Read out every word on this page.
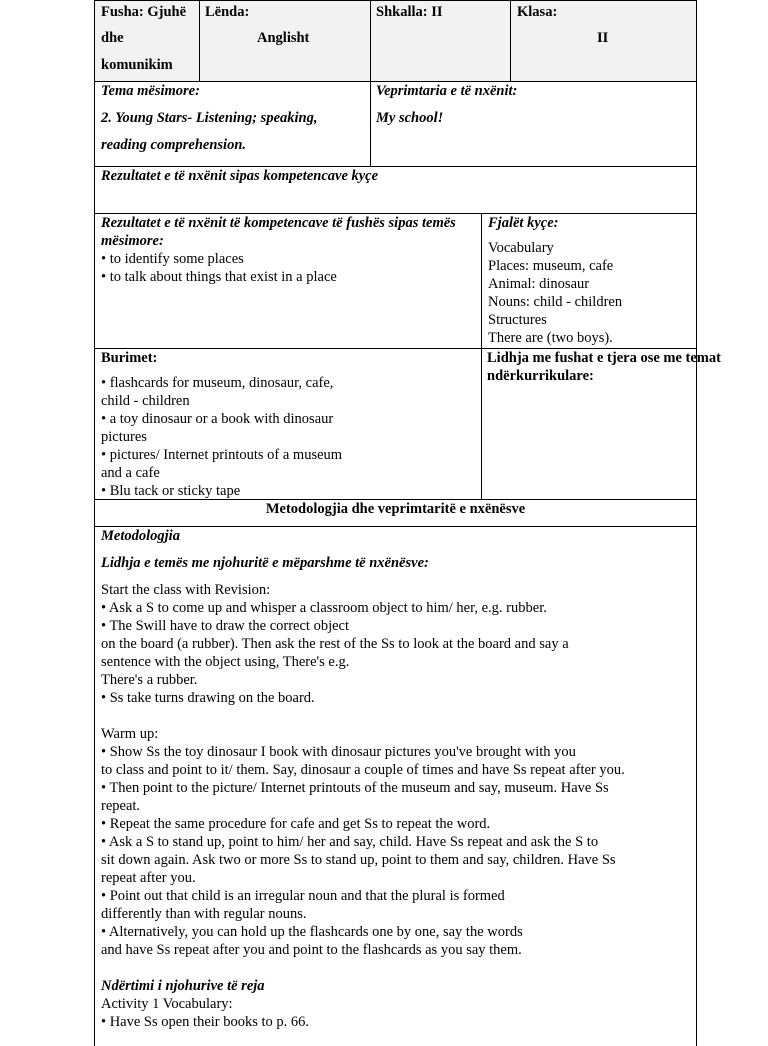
Fusha: Gjuhë
dhe
komunikim
Lënda:
Anglisht
Shkalla: II	Klasa:
II
Tema mësimore:
2. Young Stars- Listening; speaking,
reading comprehension.
Veprimtaria e të nxënit:
My school!
Rezultatet e të nxënit sipas kompetencave kyçe
Rezultatet e të nxënit të kompetencave të fushës sipas temës
mësimore:
• to identify some places
• to talk about things that exist in a place
Fjalët kyçe:
Vocabulary
Places: museum, cafe
Animal: dinosaur
Nouns: child - children
Structures
There are (two boys).
Burimet:
• flashcards for museum, dinosaur, cafe,
child - children
• a toy dinosaur or a book with dinosaur
pictures
• pictures/ Internet printouts of a museum
and a cafe
• Blu tack or sticky tape
Lidhja me fushat e tjera ose me temat
ndërkurrikulare:
Metodologjia dhe veprimtaritë e nxënësve
Metodologjia
Lidhja e temës me njohuritë e mëparshme të nxënësve:
Start the class with Revision:
• Ask a S to come up and whisper a classroom object to him/ her, e.g. rubber.
• The Swill have to draw the correct object
on the board (a rubber). Then ask the rest of the Ss to look at the board and say a
sentence with the object using, There's e.g.
There's a rubber.
• Ss take turns drawing on the board.
Warm up:
• Show Ss the toy dinosaur I book with dinosaur pictures you've brought with you
to class and point to it/ them. Say, dinosaur a couple of times and have Ss repeat after you.
• Then point to the picture/ Internet printouts of the museum and say, museum. Have Ss
repeat.
• Repeat the same procedure for cafe and get Ss to repeat the word.
• Ask a S to stand up, point to him/ her and say, child. Have Ss repeat and ask the S to
sit down again. Ask two or more Ss to stand up, point to them and say, children. Have Ss
repeat after you.
• Point out that child is an irregular noun and that the plural is formed
differently than with regular nouns.
• Alternatively, you can hold up the flashcards one by one, say the words
and have Ss repeat after you and point to the flashcards as you say them.
Ndërtimi i njohurive të reja
Activity 1 Vocabulary:
• Have Ss open their books to p. 66.
